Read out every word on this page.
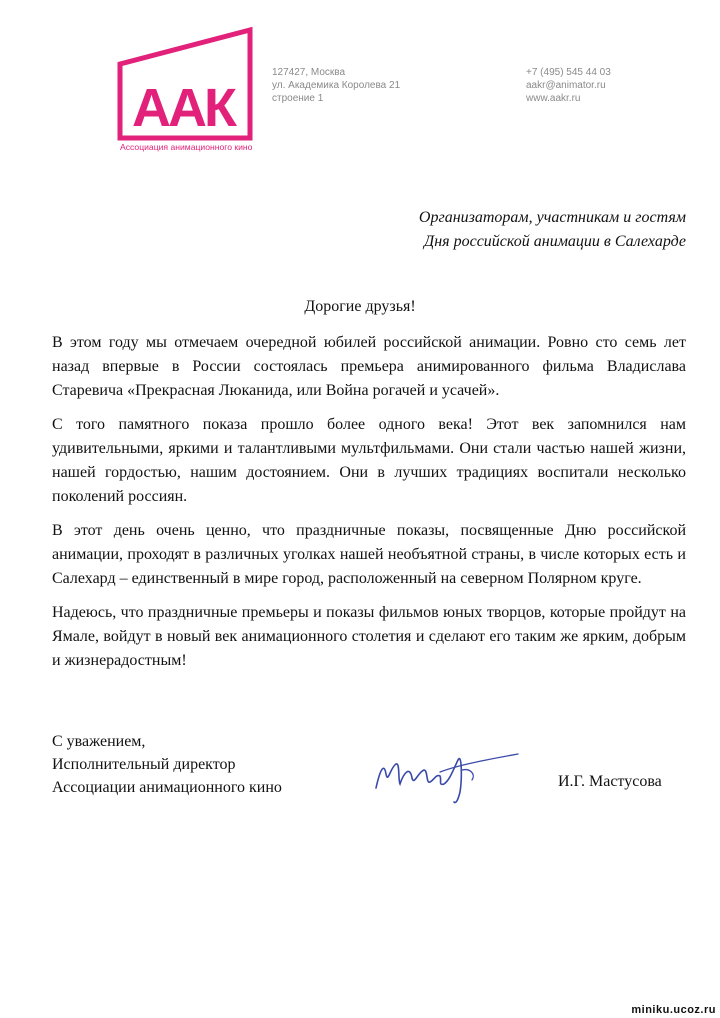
ААК
Ассоциация анимационного кино
127427, Москва
ул. Академика Королева 21
строение 1
+7 (495) 545 44 03
aakr@animator.ru
www.aakr.ru
Организаторам, участникам и гостям
Дня российской анимации в Салехарде
Дорогие друзья!

В этом году мы отмечаем очередной юбилей российской анимации. Ровно сто семь лет назад впервые в России состоялась премьера анимированного фильма Владислава Старевича «Прекрасная Люканида, или Война рогачей и усачей».

С того памятного показа прошло более одного века! Этот век запомнился нам удивительными, яркими и талантливыми мультфильмами. Они стали частью нашей жизни, нашей гордостью, нашим достоянием. Они в лучших традициях воспитали несколько поколений россиян.

В этот день очень ценно, что праздничные показы, посвященные Дню российской анимации, проходят в различных уголках нашей необъятной страны, в числе которых есть и Салехард – единственный в мире город, расположенный на северном Полярном круге.

Надеюсь, что праздничные премьеры и показы фильмов юных творцов, которые пройдут на Ямале, войдут в новый век анимационного столетия и сделают его таким же ярким, добрым и жизнерадостным!

С уважением,
Исполнительный директор
Ассоциации анимационного кино	И.Г. Мастусова
miniku.ucoz.ru
